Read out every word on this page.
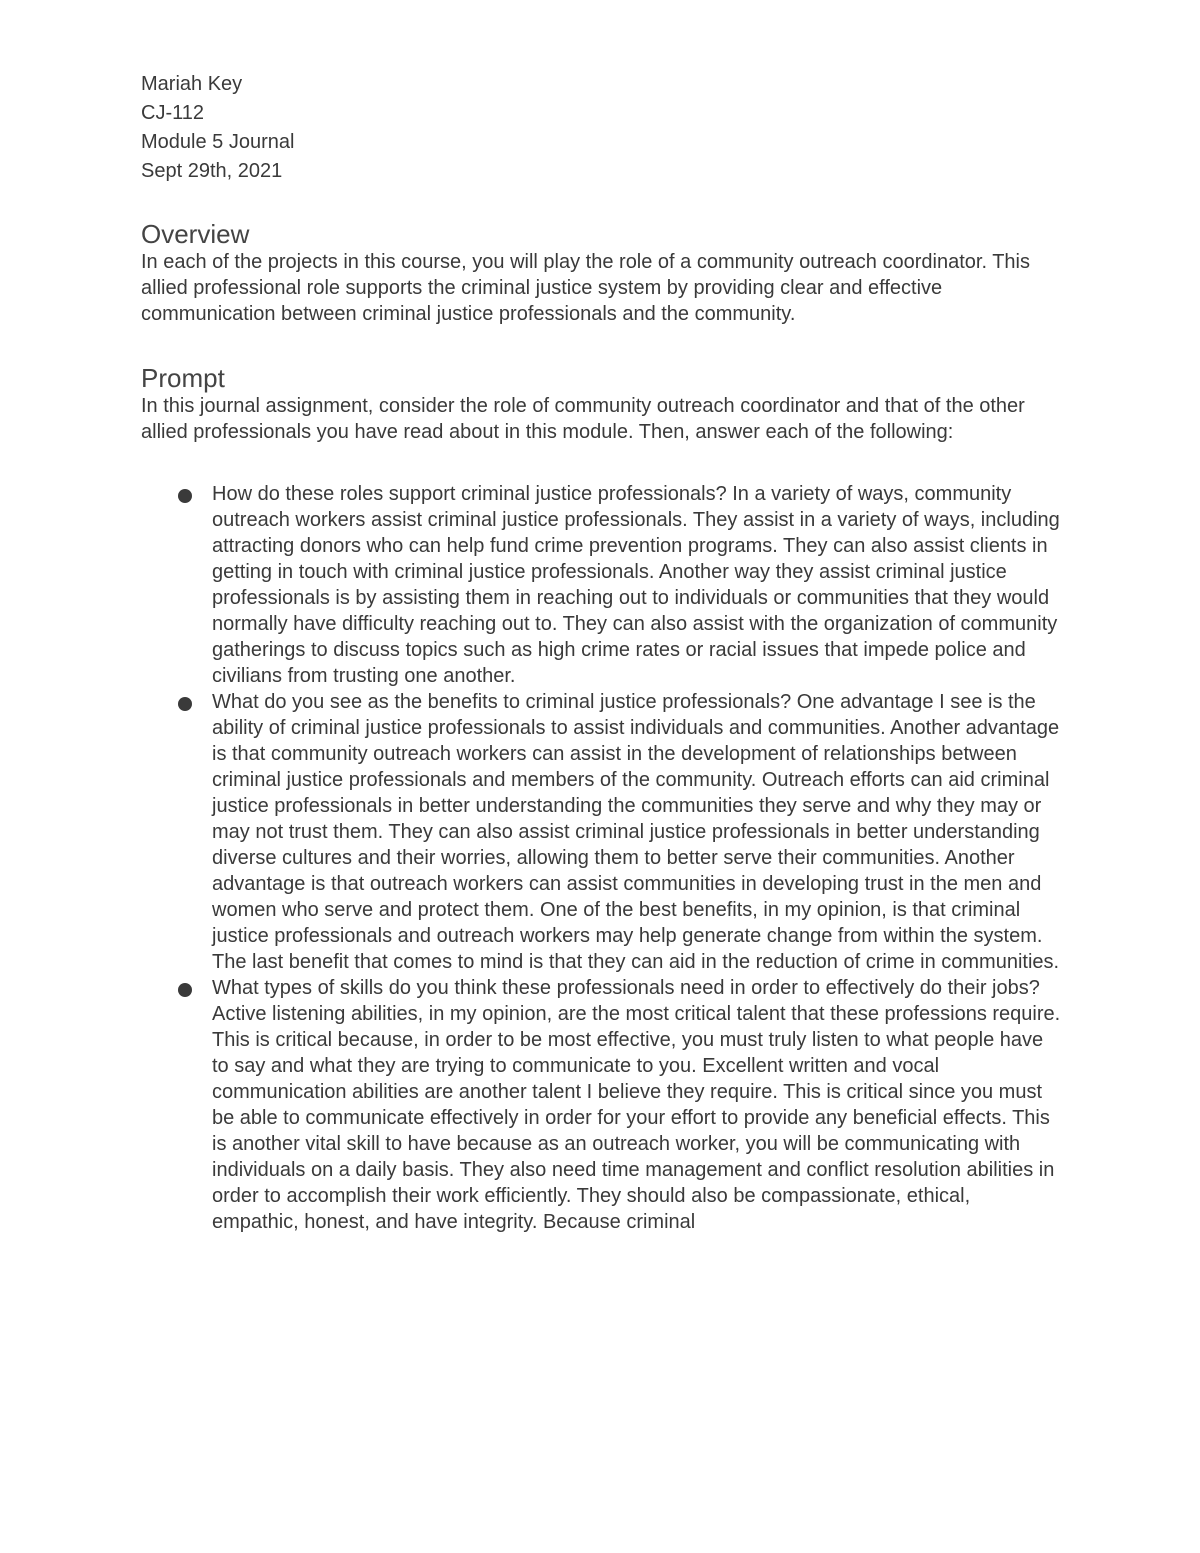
Mariah Key

CJ-112

Module 5 Journal

Sept 29th, 2021

Overview

In each of the projects in this course, you will play the role of a community outreach coordinator. This allied professional role supports the criminal justice system by providing clear and effective communication between criminal justice professionals and the community.

Prompt

In this journal assignment, consider the role of community outreach coordinator and that of the other allied professionals you have read about in this module. Then, answer each of the following:

How do these roles support criminal justice professionals? In a variety of ways, community outreach workers assist criminal justice professionals. They assist in a variety of ways, including attracting donors who can help fund crime prevention programs. They can also assist clients in getting in touch with criminal justice professionals. Another way they assist criminal justice professionals is by assisting them in reaching out to individuals or communities that they would normally have difficulty reaching out to. They can also assist with the organization of community gatherings to discuss topics such as high crime rates or racial issues that impede police and civilians from trusting one another.
What do you see as the benefits to criminal justice professionals? One advantage I see is the ability of criminal justice professionals to assist individuals and communities. Another advantage is that community outreach workers can assist in the development of relationships between criminal justice professionals and members of the community. Outreach efforts can aid criminal justice professionals in better understanding the communities they serve and why they may or may not trust them. They can also assist criminal justice professionals in better understanding diverse cultures and their worries, allowing them to better serve their communities. Another advantage is that outreach workers can assist communities in developing trust in the men and women who serve and protect them. One of the best benefits, in my opinion, is that criminal justice professionals and outreach workers may help generate change from within the system. The last benefit that comes to mind is that they can aid in the reduction of crime in communities.
What types of skills do you think these professionals need in order to effectively do their jobs? Active listening abilities, in my opinion, are the most critical talent that these professions require. This is critical because, in order to be most effective, you must truly listen to what people have to say and what they are trying to communicate to you. Excellent written and vocal communication abilities are another talent I believe they require. This is critical since you must be able to communicate effectively in order for your effort to provide any beneficial effects. This is another vital skill to have because as an outreach worker, you will be communicating with individuals on a daily basis. They also need time management and conflict resolution abilities in order to accomplish their work efficiently. They should also be compassionate, ethical, empathic, honest, and have integrity. Because criminal
